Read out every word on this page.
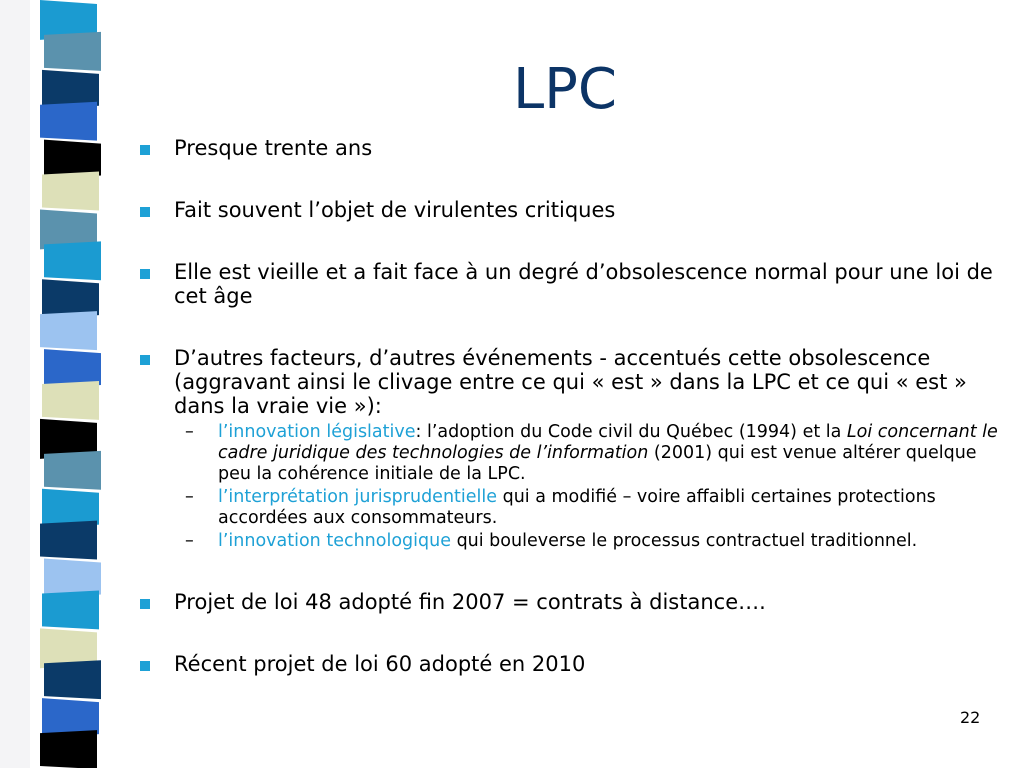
LPC
Presque trente ans
Fait souvent l’objet de virulentes critiques
Elle est vieille et a fait face à un degré d’obsolescence normal pour une loi de cet âge
D’autres facteurs, d’autres événements - accentués cette obsolescence (aggravant ainsi le clivage entre ce qui « est » dans la LPC et ce qui « est » dans la vraie vie »):
– l’innovation législative: l’adoption du Code civil du Québec (1994) et la Loi concernant le cadre juridique des technologies de l’information (2001) qui est venue altérer quelque peu la cohérence initiale de la LPC.
– l’interprétation jurisprudentielle qui a modifié – voire affaibli certaines protections accordées aux consommateurs.
– l’innovation technologique qui bouleverse le processus contractuel traditionnel.
Projet de loi 48 adopté fin 2007 = contrats à distance….
Récent projet de loi 60 adopté en 2010
22
